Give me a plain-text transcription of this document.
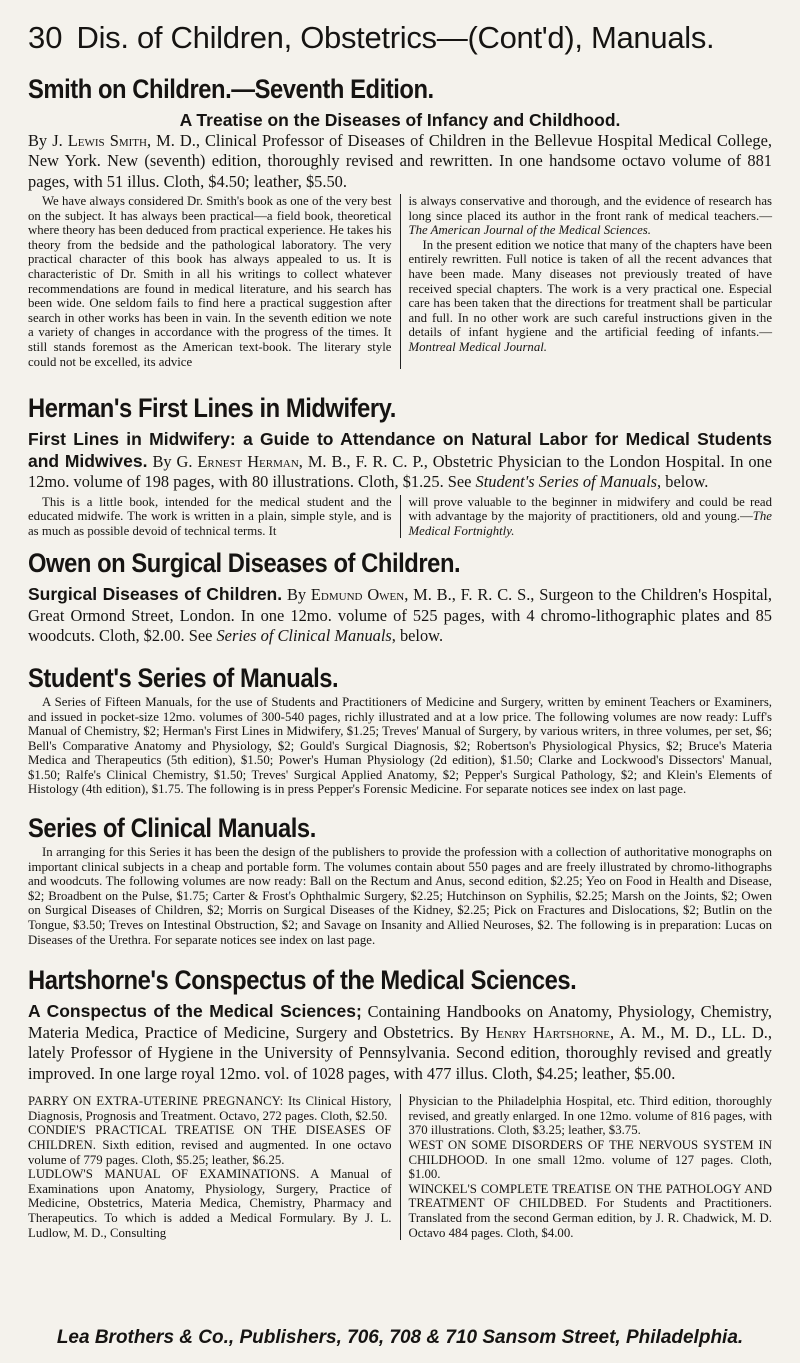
30 Dis. of Children, Obstetrics—(Cont'd), Manuals.
Smith on Children.—Seventh Edition.

A Treatise on the Diseases of Infancy and Childhood.
By J. Lewis Smith, M. D., Clinical Professor of Diseases of Children in the Bellevue Hospital Medical College, New York. New (seventh) edition, thoroughly revised and rewritten. In one handsome octavo volume of 881 pages, with 51 illus. Cloth, $4.50; leather, $5.50.

We have always considered Dr. Smith's book as one of the very best on the subject. It has always been practical—a field book, theoretical where theory has been deduced from practical experience. He takes his theory from the bedside and the pathological laboratory. The very practical character of this book has always appealed to us. It is characteristic of Dr. Smith in all his writings to collect whatever recommendations are found in medical literature, and his search has been wide. One seldom fails to find here a practical suggestion after search in other works has been in vain. In the seventh edition we note a variety of changes in accordance with the progress of the times. It still stands foremost as the American text-book. The literary style could not be excelled, its advice
is always conservative and thorough, and the evidence of research has long since placed its author in the front rank of medical teachers.—The American Journal of the Medical Sciences.
In the present edition we notice that many of the chapters have been entirely rewritten. Full notice is taken of all the recent advances that have been made. Many diseases not previously treated of have received special chapters. The work is a very practical one. Especial care has been taken that the directions for treatment shall be particular and full. In no other work are such careful instructions given in the details of infant hygiene and the artificial feeding of infants.—Montreal Medical Journal.
Herman's First Lines in Midwifery.

First Lines in Midwifery: a Guide to Attendance on Natural Labor for Medical Students and Midwives. By G. Ernest Herman, M. B., F. R. C. P., Obstetric Physician to the London Hospital. In one 12mo. volume of 198 pages, with 80 illustrations. Cloth, $1.25. See Student's Series of Manuals, below.

This is a little book, intended for the medical student and the educated midwife. The work is written in a plain, simple style, and is as much as possible devoid of technical terms. It
will prove valuable to the beginner in midwifery and could be read with advantage by the majority of practitioners, old and young.—The Medical Fortnightly.
Owen on Surgical Diseases of Children.

Surgical Diseases of Children. By Edmund Owen, M. B., F. R. C. S., Surgeon to the Children's Hospital, Great Ormond Street, London. In one 12mo. volume of 525 pages, with 4 chromo-lithographic plates and 85 woodcuts. Cloth, $2.00. See Series of Clinical Manuals, below.

Student's Series of Manuals.

A Series of Fifteen Manuals, for the use of Students and Practitioners of Medicine and Surgery, written by eminent Teachers or Examiners, and issued in pocket-size 12mo. volumes of 300-540 pages, richly illustrated and at a low price. The following volumes are now ready: Luff's Manual of Chemistry, $2; Herman's First Lines in Midwifery, $1.25; Treves' Manual of Surgery, by various writers, in three volumes, per set, $6; Bell's Comparative Anatomy and Physiology, $2; Gould's Surgical Diagnosis, $2; Robertson's Physiological Physics, $2; Bruce's Materia Medica and Therapeutics (5th edition), $1.50; Power's Human Physiology (2d edition), $1.50; Clarke and Lockwood's Dissectors' Manual, $1.50; Ralfe's Clinical Chemistry, $1.50; Treves' Surgical Applied Anatomy, $2; Pepper's Surgical Pathology, $2; and Klein's Elements of Histology (4th edition), $1.75. The following is in press Pepper's Forensic Medicine. For separate notices see index on last page.

Series of Clinical Manuals.

In arranging for this Series it has been the design of the publishers to provide the profession with a collection of authoritative monographs on important clinical subjects in a cheap and portable form. The volumes contain about 550 pages and are freely illustrated by chromo-lithographs and woodcuts. The following volumes are now ready: Ball on the Rectum and Anus, second edition, $2.25; Yeo on Food in Health and Disease, $2; Broadbent on the Pulse, $1.75; Carter & Frost's Ophthalmic Surgery, $2.25; Hutchinson on Syphilis, $2.25; Marsh on the Joints, $2; Owen on Surgical Diseases of Children, $2; Morris on Surgical Diseases of the Kidney, $2.25; Pick on Fractures and Dislocations, $2; Butlin on the Tongue, $3.50; Treves on Intestinal Obstruction, $2; and Savage on Insanity and Allied Neuroses, $2. The following is in preparation: Lucas on Diseases of the Urethra. For separate notices see index on last page.

Hartshorne's Conspectus of the Medical Sciences.

A Conspectus of the Medical Sciences; Containing Handbooks on Anatomy, Physiology, Chemistry, Materia Medica, Practice of Medicine, Surgery and Obstetrics. By Henry Hartshorne, A. M., M. D., LL. D., lately Professor of Hygiene in the University of Pennsylvania. Second edition, thoroughly revised and greatly improved. In one large royal 12mo. vol. of 1028 pages, with 477 illus. Cloth, $4.25; leather, $5.00.

PARRY ON EXTRA-UTERINE PREGNANCY: Its Clinical History, Diagnosis, Prognosis and Treatment. Octavo, 272 pages. Cloth, $2.50.

CONDIE'S PRACTICAL TREATISE ON THE DISEASES OF CHILDREN. Sixth edition, revised and augmented. In one octavo volume of 779 pages. Cloth, $5.25; leather, $6.25.

LUDLOW'S MANUAL OF EXAMINATIONS. A Manual of Examinations upon Anatomy, Physiology, Surgery, Practice of Medicine, Obstetrics, Materia Medica, Chemistry, Pharmacy and Therapeutics. To which is added a Medical Formulary. By J. L. Ludlow, M. D., Consulting

Physician to the Philadelphia Hospital, etc. Third edition, thoroughly revised, and greatly enlarged. In one 12mo. volume of 816 pages, with 370 illustrations. Cloth, $3.25; leather, $3.75.

WEST ON SOME DISORDERS OF THE NERVOUS SYSTEM IN CHILDHOOD. In one small 12mo. volume of 127 pages. Cloth, $1.00.

WINCKEL'S COMPLETE TREATISE ON THE PATHOLOGY AND TREATMENT OF CHILDBED. For Students and Practitioners. Translated from the second German edition, by J. R. Chadwick, M. D. Octavo 484 pages. Cloth, $4.00.

Lea Brothers & Co., Publishers, 706, 708 & 710 Sansom Street, Philadelphia.
